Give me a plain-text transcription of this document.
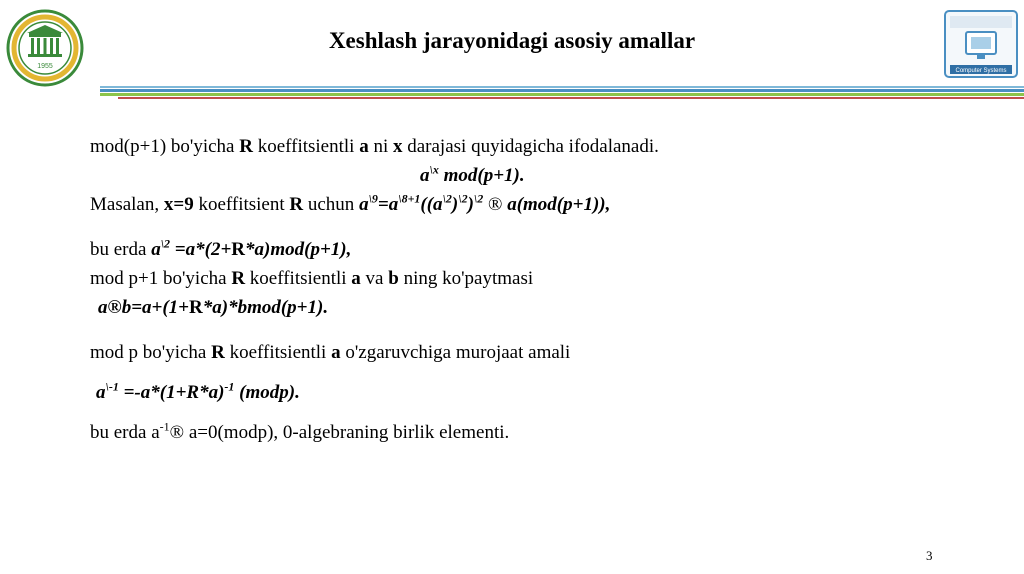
1955
Xeshlash jarayonidagi asosiy amallar
Computer Systems
mod(p+1) bo'yicha R koeffitsientli a ni x darajasi quyidagicha ifodalanadi.
$a^{\backslash x}$ mod(p+1).
Masalan, x=9 koeffitsient R uchun $a^{\backslash 9}=a^{\backslash 8+1}((a^{\backslash 2})^{\backslash 2})^{\backslash 2}$ ® a(mod(p+1)),
bu erda $a^{\backslash 2} =a*(2+R*a)mod(p+1)$,
mod p+1 bo'yicha R koeffitsientli a va b ning ko'paytmasi
a®b=a+(1+R*a)*bmod(p+1).
mod p bo'yicha R koeffitsientli a o'zgaruvchiga murojaat amali
$a^{\backslash-1} =-a*(1+R*a)^{-1}$ (modp).
bu erda $a^{-1}®$ a=0(modp), 0-algebraning birlik elementi.
3
